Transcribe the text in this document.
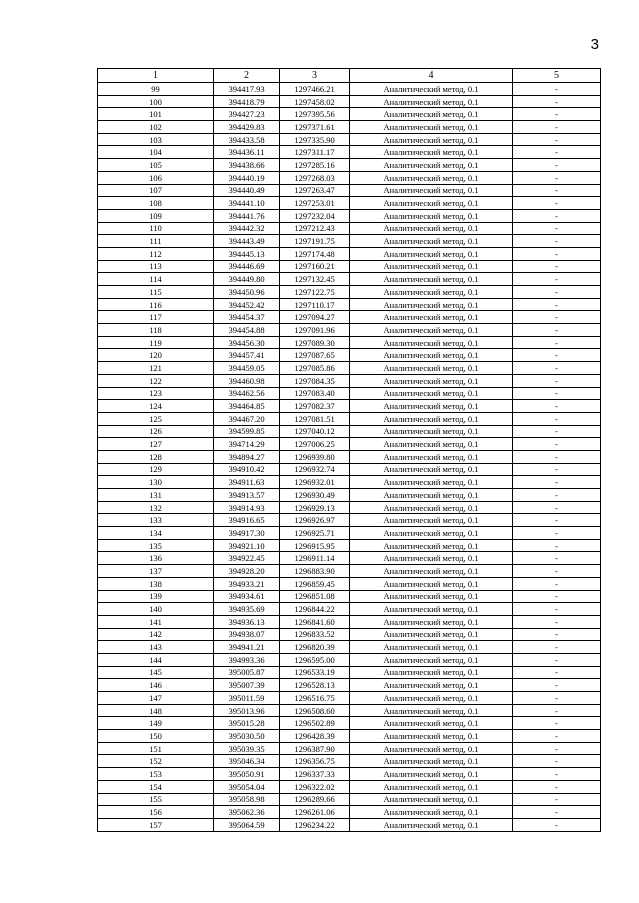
3
1	2	3	4	5
99	394417.93	1297466.21	Аналитический метод, 0.1	-
100	394418.79	1297458.02	Аналитический метод, 0.1	-
101	394427.23	1297395.56	Аналитический метод, 0.1	-
102	394429.83	1297371.61	Аналитический метод, 0.1	-
103	394433.58	1297335.90	Аналитический метод, 0.1	-
104	394436.11	1297311.17	Аналитический метод, 0.1	-
105	394438.66	1297285.16	Аналитический метод, 0.1	-
106	394440.19	1297268.03	Аналитический метод, 0.1	-
107	394440.49	1297263.47	Аналитический метод, 0.1	-
108	394441.10	1297253.01	Аналитический метод, 0.1	-
109	394441.76	1297232.04	Аналитический метод, 0.1	-
110	394442.32	1297212.43	Аналитический метод, 0.1	-
111	394443.49	1297191.75	Аналитический метод, 0.1	-
112	394445.13	1297174.48	Аналитический метод, 0.1	-
113	394446.69	1297160.21	Аналитический метод, 0.1	-
114	394449.80	1297132.45	Аналитический метод, 0.1	-
115	394450.96	1297122.75	Аналитический метод, 0.1	-
116	394452.42	1297110.17	Аналитический метод, 0.1	-
117	394454.37	1297094.27	Аналитический метод, 0.1	-
118	394454.88	1297091.96	Аналитический метод, 0.1	-
119	394456.30	1297089.30	Аналитический метод, 0.1	-
120	394457.41	1297087.65	Аналитический метод, 0.1	-
121	394459.05	1297085.86	Аналитический метод, 0.1	-
122	394460.98	1297084.35	Аналитический метод, 0.1	-
123	394462.56	1297083.40	Аналитический метод, 0.1	-
124	394464.85	1297082.37	Аналитический метод, 0.1	-
125	394467.20	1297081.51	Аналитический метод, 0.1	-
126	394599.85	1297040.12	Аналитический метод, 0.1	-
127	394714.29	1297006.25	Аналитический метод, 0.1	-
128	394894.27	1296939.80	Аналитический метод, 0.1	-
129	394910.42	1296932.74	Аналитический метод, 0.1	-
130	394911.63	1296932.01	Аналитический метод, 0.1	-
131	394913.57	1296930.49	Аналитический метод, 0.1	-
132	394914.93	1296929.13	Аналитический метод, 0.1	-
133	394916.65	1296926.97	Аналитический метод, 0.1	-
134	394917.30	1296925.71	Аналитический метод, 0.1	-
135	394921.10	1296915.95	Аналитический метод, 0.1	-
136	394922.45	1296911.14	Аналитический метод, 0.1	-
137	394928.20	1296883.90	Аналитический метод, 0.1	-
138	394933.21	1296859.45	Аналитический метод, 0.1	-
139	394934.61	1296851.08	Аналитический метод, 0.1	-
140	394935.69	1296844.22	Аналитический метод, 0.1	-
141	394936.13	1296841.60	Аналитический метод, 0.1	-
142	394938.07	1296833.52	Аналитический метод, 0.1	-
143	394941.21	1296820.39	Аналитический метод, 0.1	-
144	394993.36	1296595.00	Аналитический метод, 0.1	-
145	395005.87	1296533.19	Аналитический метод, 0.1	-
146	395007.39	1296528.13	Аналитический метод, 0.1	-
147	395011.59	1296516.75	Аналитический метод, 0.1	-
148	395013.96	1296508.60	Аналитический метод, 0.1	-
149	395015.28	1296502.89	Аналитический метод, 0.1	-
150	395030.50	1296428.39	Аналитический метод, 0.1	-
151	395039.35	1296387.90	Аналитический метод, 0.1	-
152	395046.34	1296356.75	Аналитический метод, 0.1	-
153	395050.91	1296337.33	Аналитический метод, 0.1	-
154	395054.04	1296322.02	Аналитический метод, 0.1	-
155	395058.98	1296289.66	Аналитический метод, 0.1	-
156	395062.36	1296261.06	Аналитический метод, 0.1	-
157	395064.59	1296234.22	Аналитический метод, 0.1	-
